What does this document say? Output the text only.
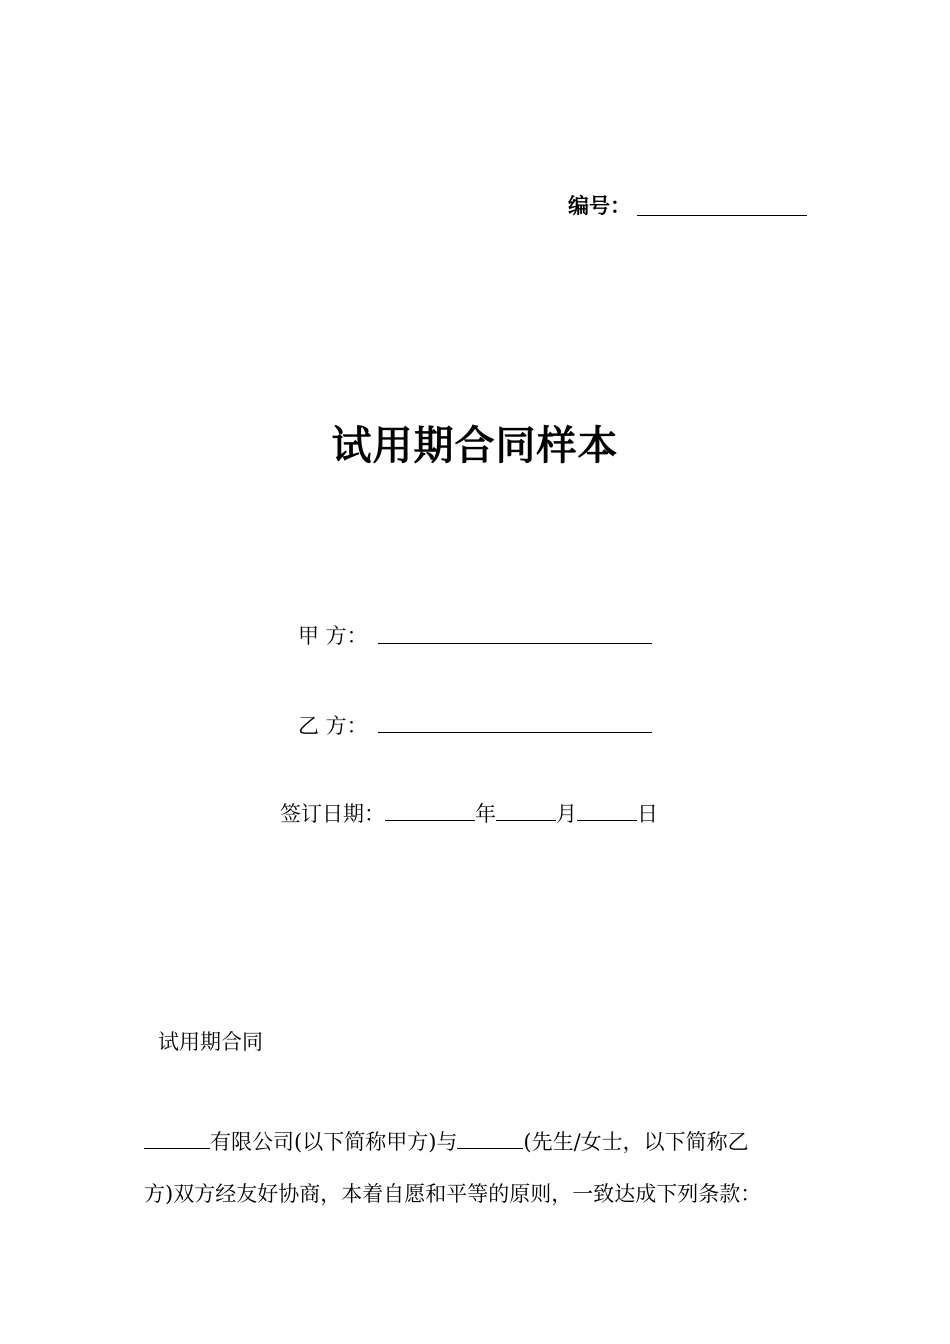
编号：
试用期合同样本
甲 方：
乙 方：
签订日期：	年	月	日
试用期合同
有限公司(以下简称甲方)与	(先生/女士，以下简称乙
方)双方经友好协商，本着自愿和平等的原则，一致达成下列条款：
